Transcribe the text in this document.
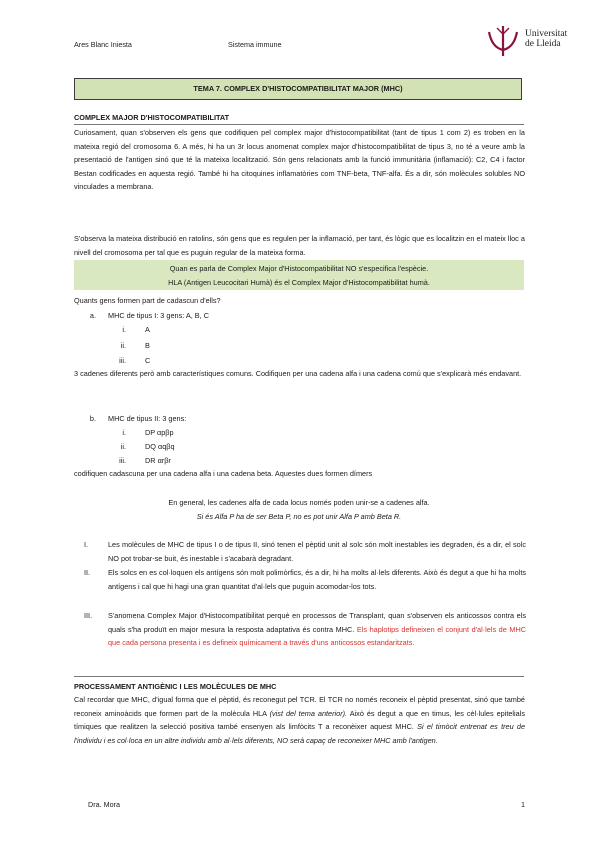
Ares Blanc Iniesta	Sistema immune
Universitat
de Lleida
TEMA 7. COMPLEX D'HISTOCOMPATIBILITAT MAJOR (MHC)
COMPLEX MAJOR D'HISTOCOMPATIBILITAT

Curiosament, quan s'observen els gens que codifiquen pel complex major d'histocompatibilitat (tant de tipus 1 com 2) es troben en la mateixa regió del cromosoma 6. A més, hi ha un 3r locus anomenat complex major d'histocompatibilitat de tipus 3, no té a veure amb la presentació de l'antigen sinó que té la mateixa localització. Són gens relacionats amb la funció immunitària (inflamació): C2, C4 i factor Bestan codificades en aquesta regió. També hi ha citoquines inflamatòries com TNF-beta, TNF-alfa. És a dir, són molècules solubles NO vinculades a membrana.

S'observa la mateixa distribució en ratolins, són gens que es regulen per la inflamació, per tant, és lògic que es localitzin en el mateix lloc a nivell del cromosoma per tal que es puguin regular de la mateixa forma.

Quan es parla de Complex Major d'Histocompatibilitat NO s'especifica l'espècie.
HLA (Antigen Leucocitari Humà) és el Complex Major d'Histocompatibilitat humà.
Quants gens formen part de cadascun d'ells?
a. MHC de tipus I: 3 gens: A, B, C
i.	A
ii.	B
iii.	C

3 cadenes diferents però amb característiques comuns. Codifiquen per una cadena alfa i una cadena comú que s'explicarà més endavant.

b. MHC de tipus II: 3 gens:
i.	DP αpβp
ii.	DQ αqβq
iii.	DR αrβr
codifiquen cadascuna per una cadena alfa i una cadena beta. Aquestes dues formen dímers
En general, les cadenes alfa de cada locus només poden unir-se a cadenes alfa.
Si és Alfa P ha de ser Beta P, no es pot unir Alfa P amb Beta R.
I.	Les molècules de MHC de tipus I o de tipus II, sinó tenen el pèptid unit al solc són molt inestables ies degraden, és a dir, el solc NO pot trobar-se buit, és inestable i s'acabarà degradant.

II. Els solcs en es col·loquen els antígens són molt polimòrfics, és a dir, hi ha molts al·lels diferents. Això és degut a que hi ha molts antígens i cal que hi hagi una gran quantitat d'al·lels que puguin acomodar-los tots.

III. S'anomena Complex Major d'Histocompatibilitat perquè en processos de Transplant, quan s'observen els anticossos contra els quals s'ha produït en major mesura la resposta adaptativa és contra MHC. Els haplotips defineixen el conjunt d'al·lels de MHC que cada persona presenta i es defineix químicament a través d'uns anticossos estandaritzats.

PROCESSAMENT ANTIGÈNIC I LES MOLÈCULES DE MHC

Cal recordar que MHC, d'igual forma que el pèptid, és reconegut pel TCR. El TCR no només reconeix el pèptid presentat, sinó que també reconeix aminoàcids que formen part de la molècula HLA (vist del tema anterior). Això és degut a que en timus, les cèl·lules epitelials tímiques que realitzen la selecció positiva també ensenyen als limfòcits T a reconèixer aquest MHC. Si el timòcit entrenat es treu de l'individu i es col·loca en un altre individu amb al·lels diferents, NO serà capaç de reconeixer MHC amb l'antigen.

Dra. Mora	1
